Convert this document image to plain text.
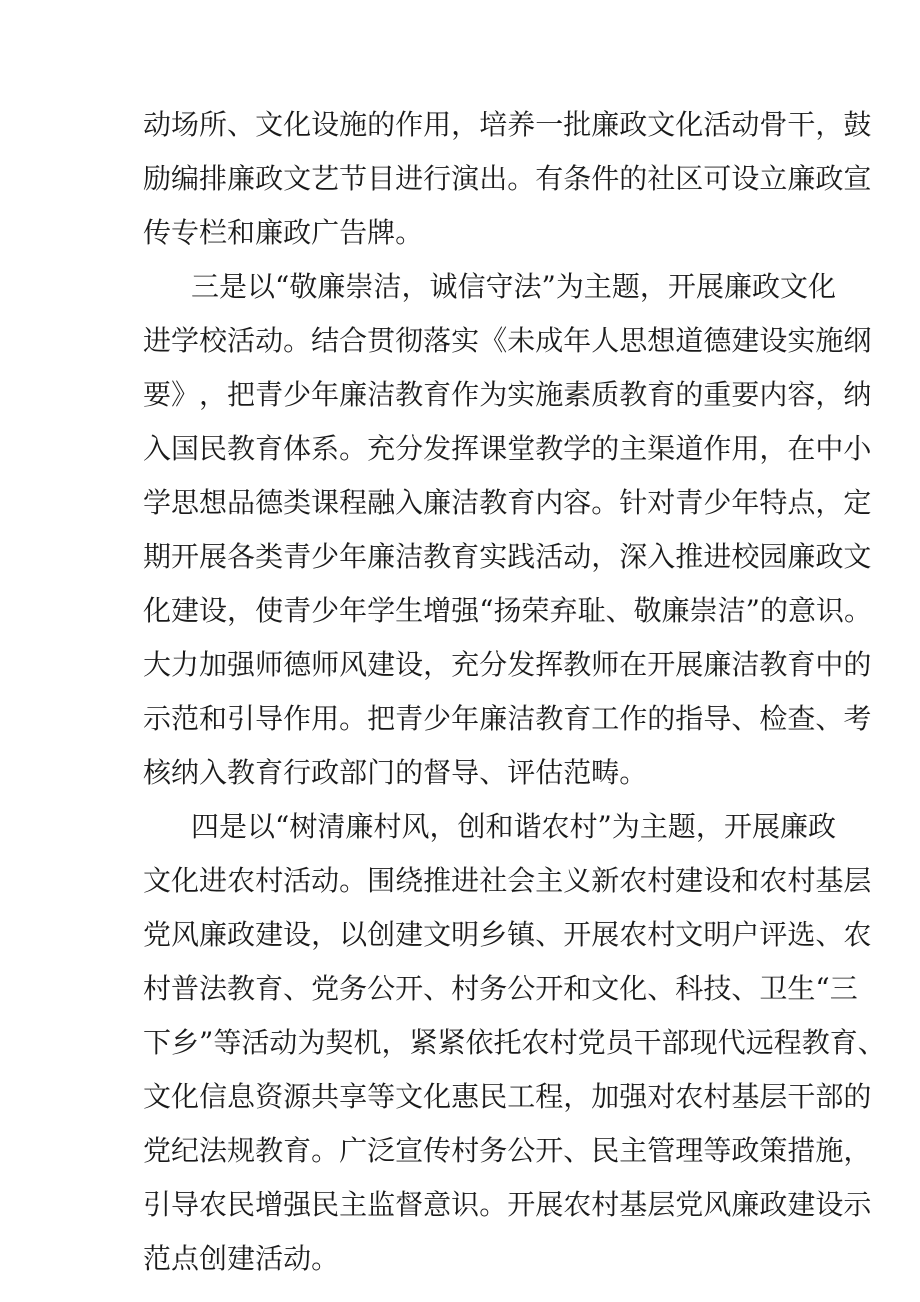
动 场 所 、 文 化 设 施 的 作 用 ， 培 养 一 批 廉 政 文 化 活 动 骨 干 ， 鼓
励 编 排 廉 政 文 艺 节 目 进 行 演 出 。 有 条 件 的 社 区 可 设 立 廉 政 宣
传 专 栏 和 廉 政 广 告 牌 。
三 是 以 “ 敬 廉 崇 洁 ， 诚 信 守 法 ” 为 主 题 ， 开 展 廉 政 文 化
进 学 校 活 动 。 结 合 贯 彻 落 实 《 未 成 年 人 思 想 道 德 建 设 实 施 纲
要 》 ， 把 青 少 年 廉 洁 教 育 作 为 实 施 素 质 教 育 的 重 要 内 容 ， 纳
入 国 民 教 育 体 系 。 充 分 发 挥 课 堂 教 学 的 主 渠 道 作 用 ， 在 中 小
学 思 想 品 德 类 课 程 融 入 廉 洁 教 育 内 容 。 针 对 青 少 年 特 点 ， 定
期 开 展 各 类 青 少 年 廉 洁 教 育 实 践 活 动 ， 深 入 推 进 校 园 廉 政 文
化 建 设 ， 使 青 少 年 学 生 增 强 “ 扬 荣 弃 耻 、 敬 廉 崇 洁 ” 的 意 识 。
大 力 加 强 师 德 师 风 建 设 ， 充 分 发 挥 教 师 在 开 展 廉 洁 教 育 中 的
示 范 和 引 导 作 用 。 把 青 少 年 廉 洁 教 育 工 作 的 指 导 、 检 查 、 考
核 纳 入 教 育 行 政 部 门 的 督 导 、 评 估 范 畴 。
四 是 以 “ 树 清 廉 村 风 ， 创 和 谐 农 村 ” 为 主 题 ， 开 展 廉 政
文 化 进 农 村 活 动 。 围 绕 推 进 社 会 主 义 新 农 村 建 设 和 农 村 基 层
党 风 廉 政 建 设 ， 以 创 建 文 明 乡 镇 、 开 展 农 村 文 明 户 评 选 、 农
村 普 法 教 育 、 党 务 公 开 、 村 务 公 开 和 文 化 、 科 技 、 卫 生 “ 三
下 乡 ” 等 活 动 为 契 机 ， 紧 紧 依 托 农 村 党 员 干 部 现 代 远 程 教 育 、
文 化 信 息 资 源 共 享 等 文 化 惠 民 工 程 ， 加 强 对 农 村 基 层 干 部 的
党 纪 法 规 教 育 。 广 泛 宣 传 村 务 公 开 、 民 主 管 理 等 政 策 措 施 ，
引 导 农 民 增 强 民 主 监 督 意 识 。 开 展 农 村 基 层 党 风 廉 政 建 设 示
范 点 创 建 活 动 。
